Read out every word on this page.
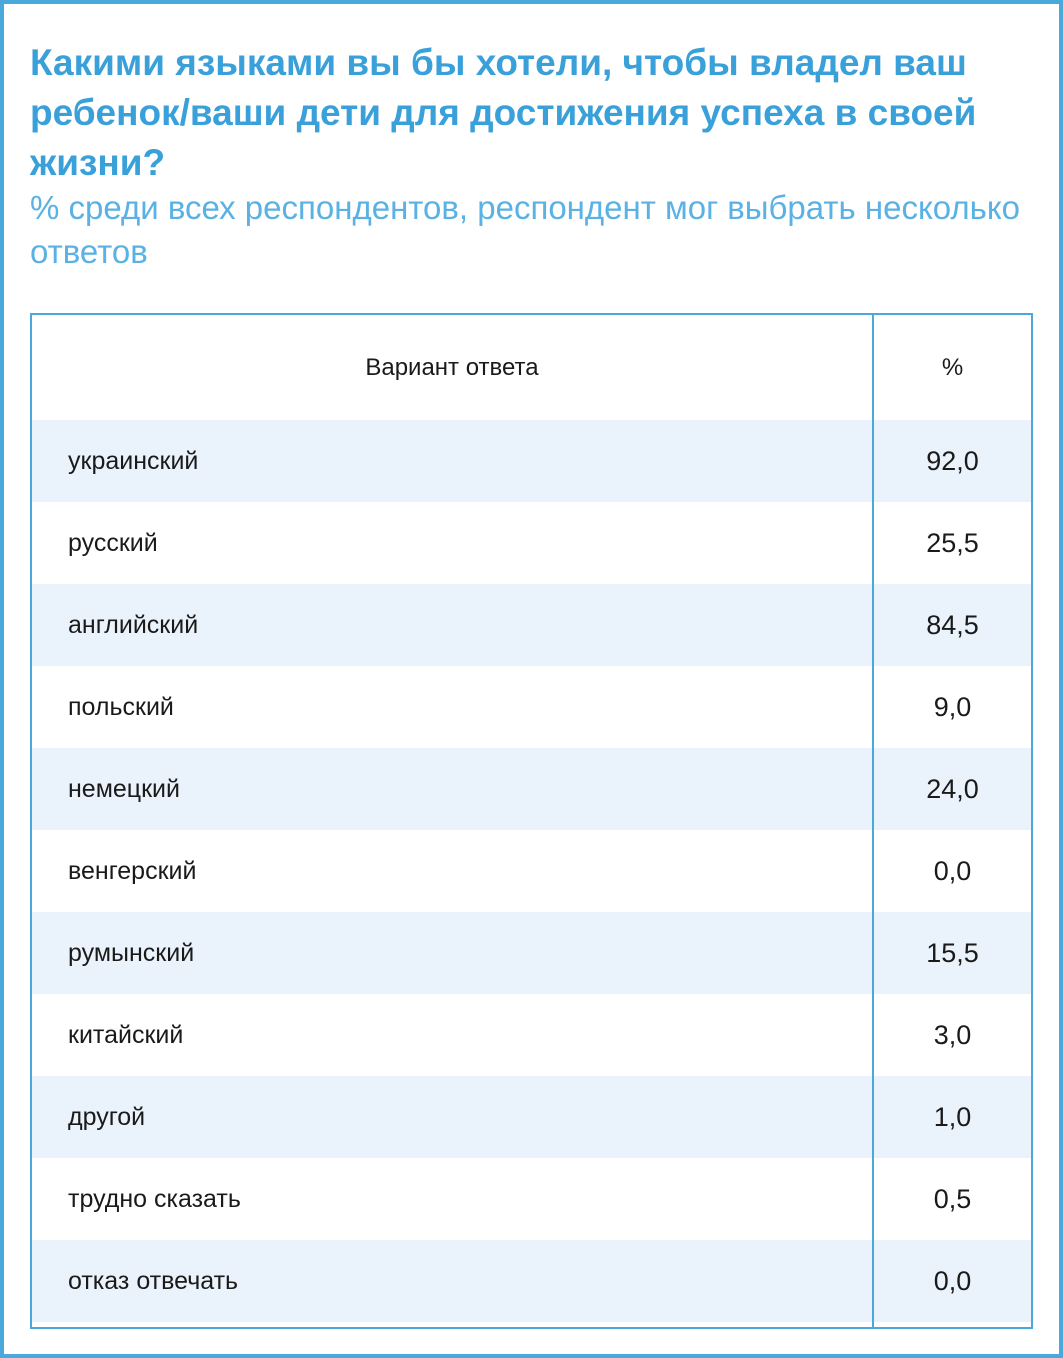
Какими языками вы бы хотели, чтобы владел ваш ребенок/ваши дети для достижения успеха в своей жизни?

% среди всех респондентов, респондент мог выбрать несколько ответов

Вариант ответа	%
украинский	92,0
русский	25,5
английский	84,5
польский	9,0
немецкий	24,0
венгерский	0,0
румынский	15,5
китайский	3,0
другой	1,0
трудно сказать	0,5
отказ отвечать	0,0
